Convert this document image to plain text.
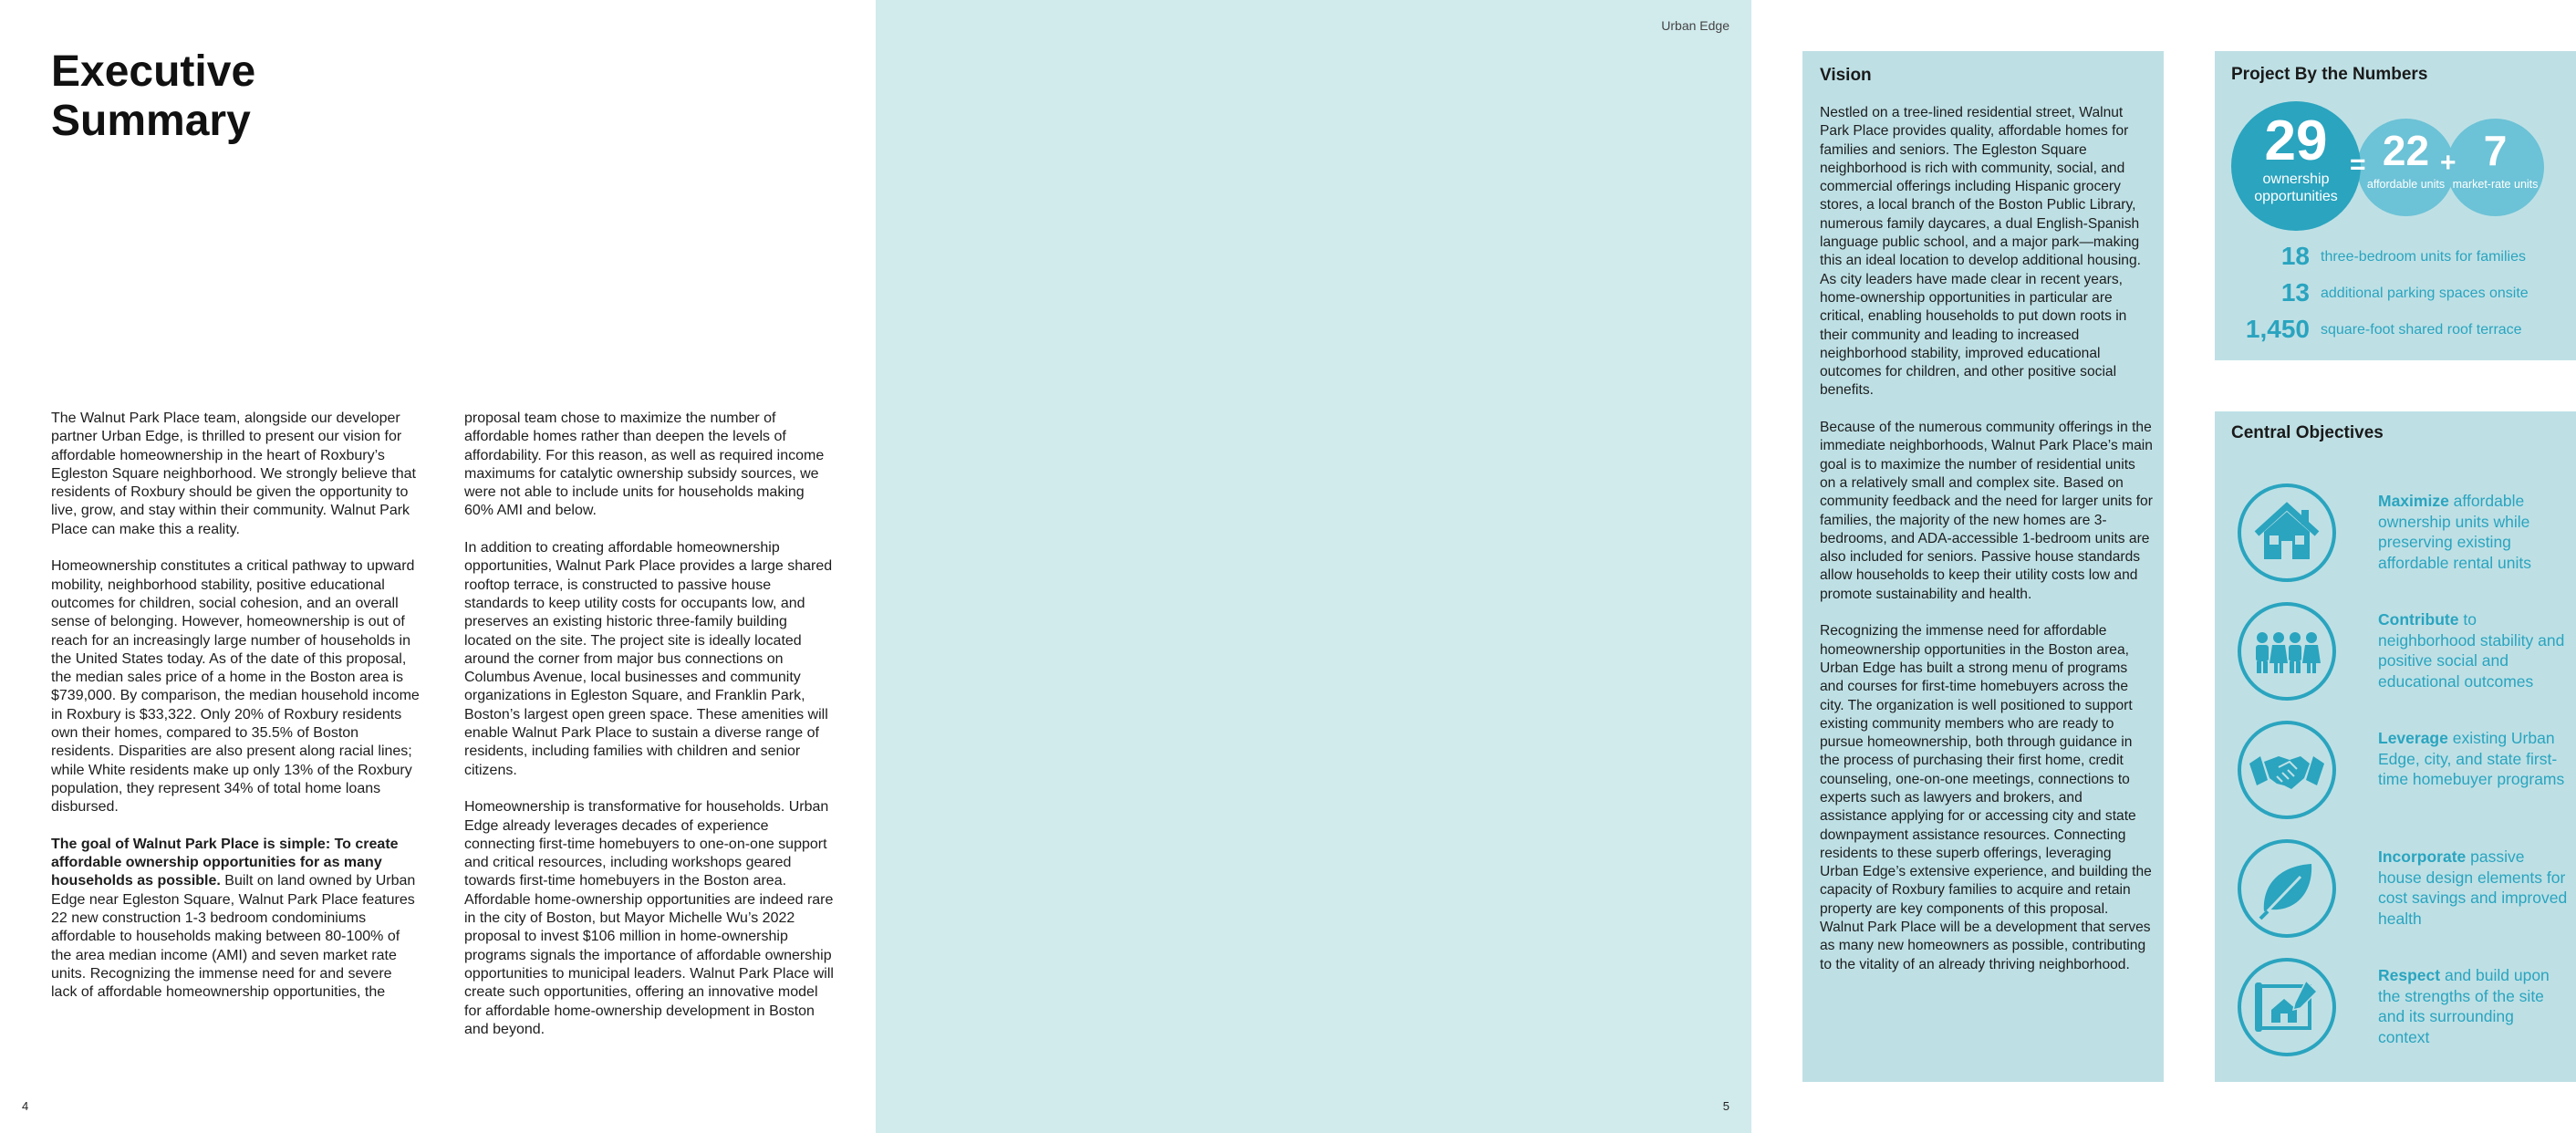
Executive
Summary

The Walnut Park Place team, alongside our developer partner Urban Edge, is thrilled to present our vision for affordable homeownership in the heart of Roxbury’s Egleston Square neighborhood. We strongly believe that residents of Roxbury should be given the opportunity to live, grow, and stay within their community. Walnut Park Place can make this a reality.

Homeownership constitutes a critical pathway to upward mobility, neighborhood stability, positive educational outcomes for children, social cohesion, and an overall sense of belonging. However, homeownership is out of reach for an increasingly large number of households in the United States today. As of the date of this proposal, the median sales price of a home in the Boston area is $739,000. By comparison, the median household income in Roxbury is $33,322. Only 20% of Roxbury residents own their homes, compared to 35.5% of Boston residents. Disparities are also present along racial lines; while White residents make up only 13% of the Roxbury population, they represent 34% of total home loans disbursed.

The goal of Walnut Park Place is simple: To create affordable ownership opportunities for as many households as possible. Built on land owned by Urban Edge near Egleston Square, Walnut Park Place features 22 new construction 1-3 bedroom condominiums affordable to households making between 80-100% of the area median income (AMI) and seven market rate units. Recognizing the immense need for and severe lack of affordable homeownership opportunities, the

proposal team chose to maximize the number of affordable homes rather than deepen the levels of affordability. For this reason, as well as required income maximums for catalytic ownership subsidy sources, we were not able to include units for households making 60% AMI and below.

In addition to creating affordable homeownership opportunities, Walnut Park Place provides a large shared rooftop terrace, is constructed to passive house standards to keep utility costs for occupants low, and preserves an existing historic three-family building located on the site. The project site is ideally located around the corner from major bus connections on Columbus Avenue, local businesses and community organizations in Egleston Square, and Franklin Park, Boston’s largest open green space. These amenities will enable Walnut Park Place to sustain a diverse range of residents, including families with children and senior citizens.

Homeownership is transformative for households. Urban Edge already leverages decades of experience connecting first-time homebuyers to one-on-one support and critical resources, including workshops geared towards first-time homebuyers in the Boston area. Affordable home-ownership opportunities are indeed rare in the city of Boston, but Mayor Michelle Wu’s 2022 proposal to invest $106 million in home-ownership programs signals the importance of affordable ownership opportunities to municipal leaders. Walnut Park Place will create such opportunities, offering an innovative model for affordable home-ownership development in Boston and beyond.

4
Urban Edge
Vision

Nestled on a tree-lined residential street, Walnut Park Place provides quality, affordable homes for families and seniors. The Egleston Square neighborhood is rich with community, social, and commercial offerings including Hispanic grocery stores, a local branch of the Boston Public Library, numerous family daycares, a dual English-Spanish language public school, and a major park—making this an ideal location to develop additional housing. As city leaders have made clear in recent years, home-ownership opportunities in particular are critical, enabling households to put down roots in their community and leading to increased neighborhood stability, improved educational outcomes for children, and other positive social benefits.

Because of the numerous community offerings in the immediate neighborhoods, Walnut Park Place’s main goal is to maximize the number of residential units on a relatively small and complex site. Based on community feedback and the need for larger units for families, the majority of the new homes are 3-bedrooms, and ADA-accessible 1-bedroom units are also included for seniors. Passive house standards allow households to keep their utility costs low and promote sustainability and health.

Recognizing the immense need for affordable homeownership opportunities in the Boston area, Urban Edge has built a strong menu of programs and courses for first-time homebuyers across the city. The organization is well positioned to support existing community members who are ready to pursue homeownership, both through guidance in the process of purchasing their first home, credit counseling, one-on-one meetings, connections to experts such as lawyers and brokers, and assistance applying for or accessing city and state downpayment assistance resources. Connecting residents to these superb offerings, leveraging Urban Edge’s extensive experience, and building the capacity of Roxbury families to acquire and retain property are key components of this proposal. Walnut Park Place will be a development that serves as many new homeowners as possible, contributing to the vitality of an already thriving neighborhood.

Project By the Numbers
22
affordable units
7
market-rate units
29
ownership opportunities
=	+
18 three-bedroom units for families
13 additional parking spaces onsite
1,450 square-foot shared roof terrace
Central Objectives
Maximize affordable ownership units while preserving existing affordable rental units
Contribute to neighborhood stability and positive social and educational outcomes
Leverage existing Urban Edge, city, and state first-time homebuyer programs
Incorporate passive house design elements for cost savings and improved health
Respect and build upon the strengths of the site and its surrounding context
5
